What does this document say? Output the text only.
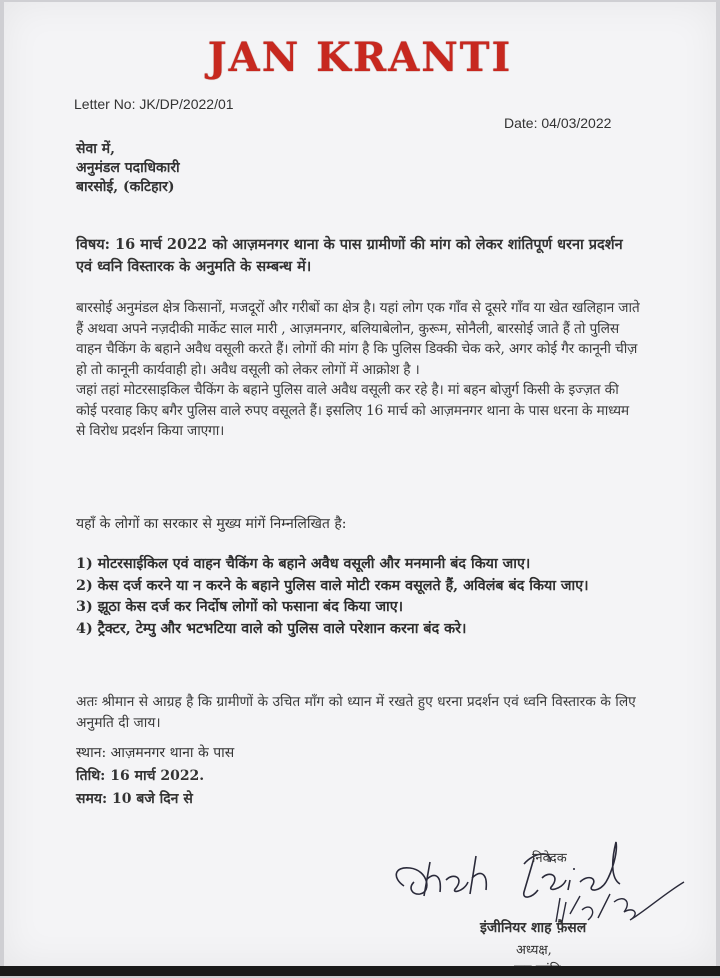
JAN KRANTI
Letter No: JK/DP/2022/01
Date: 04/03/2022
सेवा में,
अनुमंडल पदाधिकारी
बारसोई, (कटिहार)
विषय: 16 मार्च 2022 को आज़मनगर थाना के पास ग्रामीणों की मांग को लेकर शांतिपूर्ण धरना प्रदर्शन एवं ध्वनि विस्तारक के अनुमति के सम्बन्ध में।
बारसोई अनुमंडल क्षेत्र किसानों, मजदूरों और गरीबों का क्षेत्र है। यहां लोग एक गाँव से दूसरे गाँव या खेत खलिहान जाते हैं अथवा अपने नज़दीकी मार्केट साल मारी , आज़मनगर, बलियाबेलोन, कुरूम, सोनैली, बारसोई जाते हैं तो पुलिस वाहन चैकिंग के बहाने अवैध वसूली करते हैं। लोगों की मांग है कि पुलिस डिक्की चेक करे, अगर कोई गैर कानूनी चीज़ हो तो कानूनी कार्यवाही हो। अवैध वसूली को लेकर लोगों में आक्रोश है ।
जहां तहां मोटरसाइकिल चैकिंग के बहाने पुलिस वाले अवैध वसूली कर रहे है। मां बहन बोज़ुर्ग किसी के इज्ज़त की कोई परवाह किए बगैर पुलिस वाले रुपए वसूलते हैं। इसलिए 16 मार्च को आज़मनगर थाना के पास धरना के माध्यम से विरोध प्रदर्शन किया जाएगा।
यहाँ के लोगों का सरकार से मुख्य मांगें निम्नलिखित है:
1) मोटरसाईकिल एवं वाहन चैकिंग के बहाने अवैध वसूली और मनमानी बंद किया जाए।
2) केस दर्ज करने या न करने के बहाने पुलिस वाले मोटी रकम वसूलते हैं, अविलंब बंद किया जाए।
3) झूठा केस दर्ज कर निर्दोष लोगों को फसाना बंद किया जाए।
4) ट्रैक्टर, टेम्पु और भटभटिया वाले को पुलिस वाले परेशान करना बंद करे।
अतः श्रीमान से आग्रह है कि ग्रामीणों के उचित माँग को ध्यान में रखते हुए धरना प्रदर्शन एवं ध्वनि विस्तारक के लिए अनुमति दी जाय।
स्थान: आज़मनगर थाना के पास
तिथि: 16 मार्च 2022.
समय: 10 बजे दिन से
निवेदक
इंजीनियर शाह फ़ैसल
अध्यक्ष,
